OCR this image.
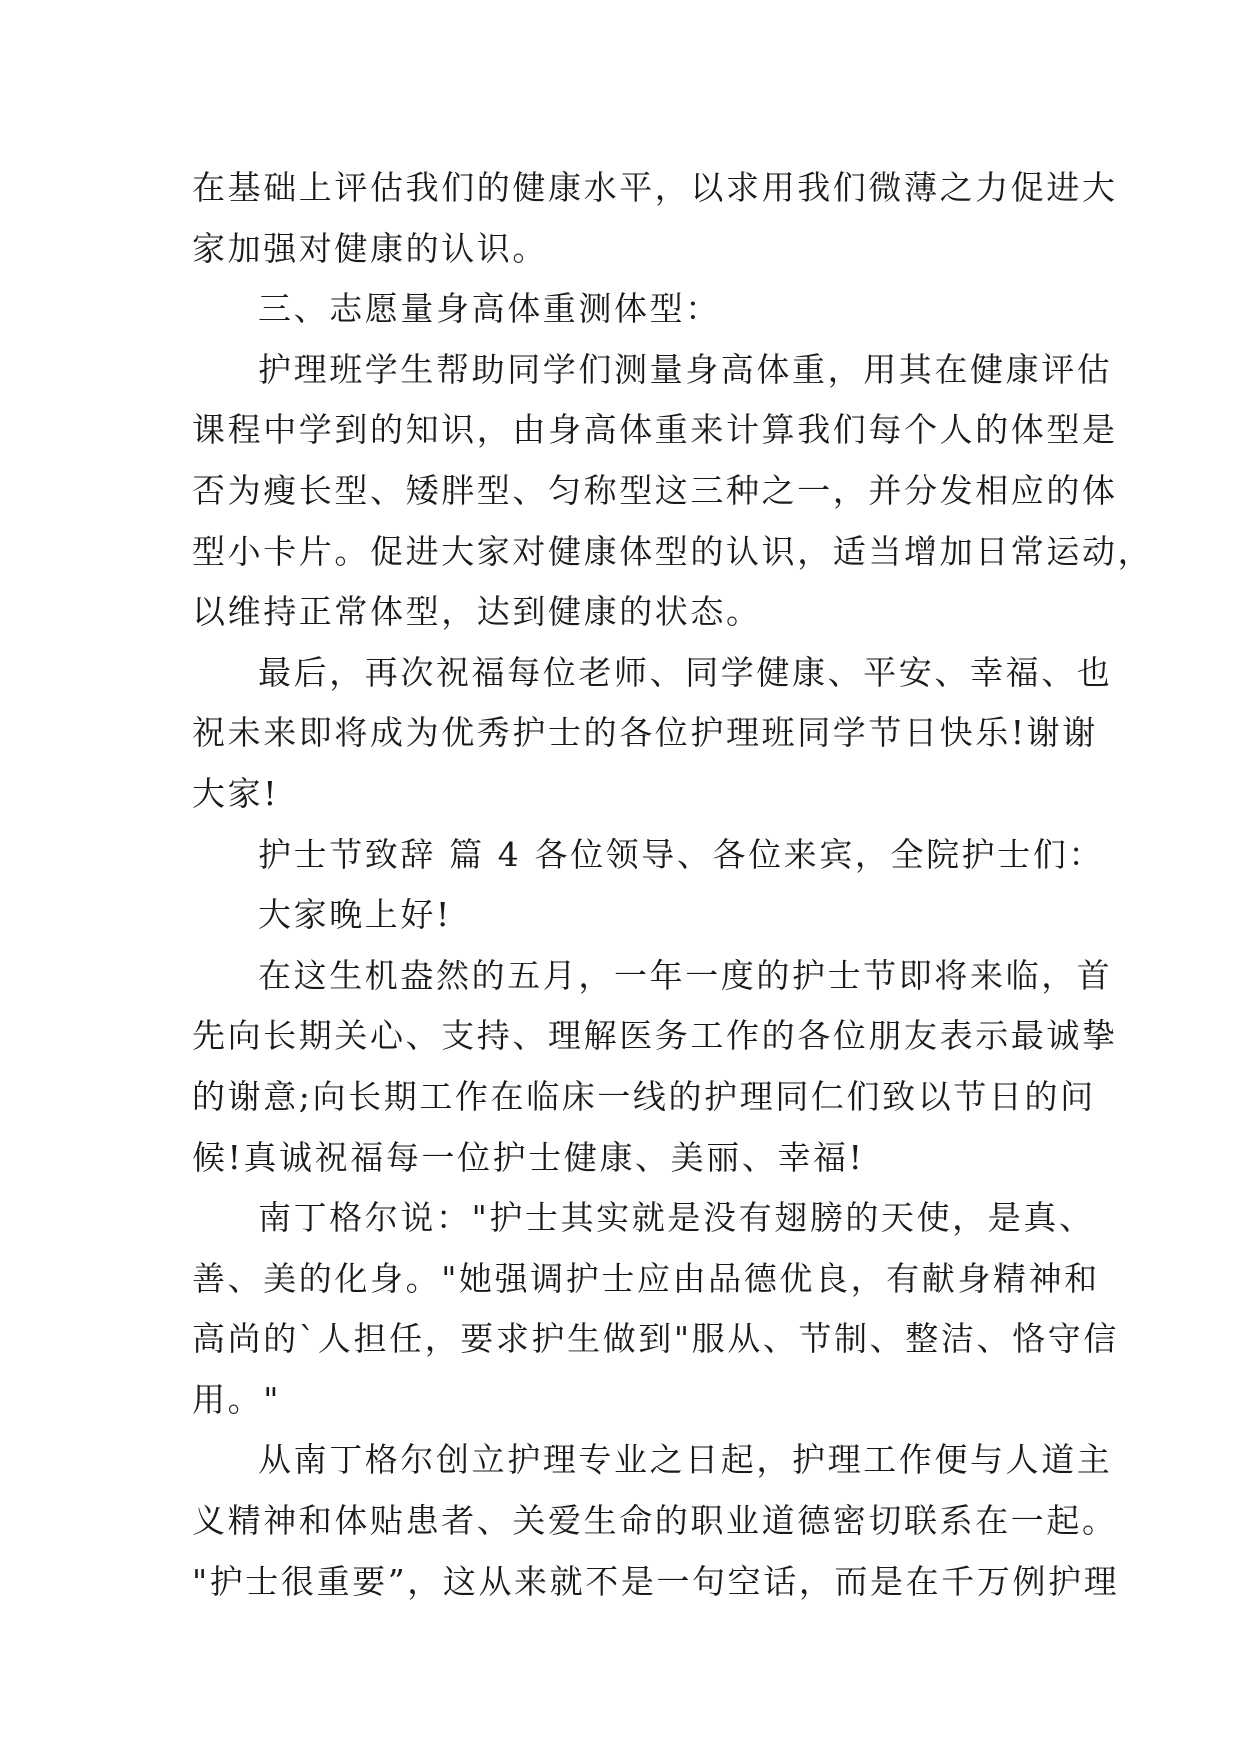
在基础上评估我们的健康水平，以求用我们微薄之力促进大
家加强对健康的认识。
三、志愿量身高体重测体型：
护理班学生帮助同学们测量身高体重，用其在健康评估
课程中学到的知识，由身高体重来计算我们每个人的体型是
否为瘦长型、矮胖型、匀称型这三种之一，并分发相应的体
型小卡片。促进大家对健康体型的认识，适当增加日常运动，
以维持正常体型，达到健康的状态。
最后，再次祝福每位老师、同学健康、平安、幸福、也
祝未来即将成为优秀护士的各位护理班同学节日快乐!谢谢
大家!
护士节致辞 篇 4 各位领导、各位来宾，全院护士们：
大家晚上好!
在这生机盎然的五月，一年一度的护士节即将来临，首
先向长期关心、支持、理解医务工作的各位朋友表示最诚挚
的谢意;向长期工作在临床一线的护理同仁们致以节日的问
候!真诚祝福每一位护士健康、美丽、幸福!
南丁格尔说："护士其实就是没有翅膀的天使，是真、
善、美的化身。"她强调护士应由品德优良，有献身精神和
高尚的`人担任，要求护生做到"服从、节制、整洁、恪守信
用。"
从南丁格尔创立护理专业之日起，护理工作便与人道主
义精神和体贴患者、关爱生命的职业道德密切联系在一起。
"护士很重要”，这从来就不是一句空话，而是在千万例护理
